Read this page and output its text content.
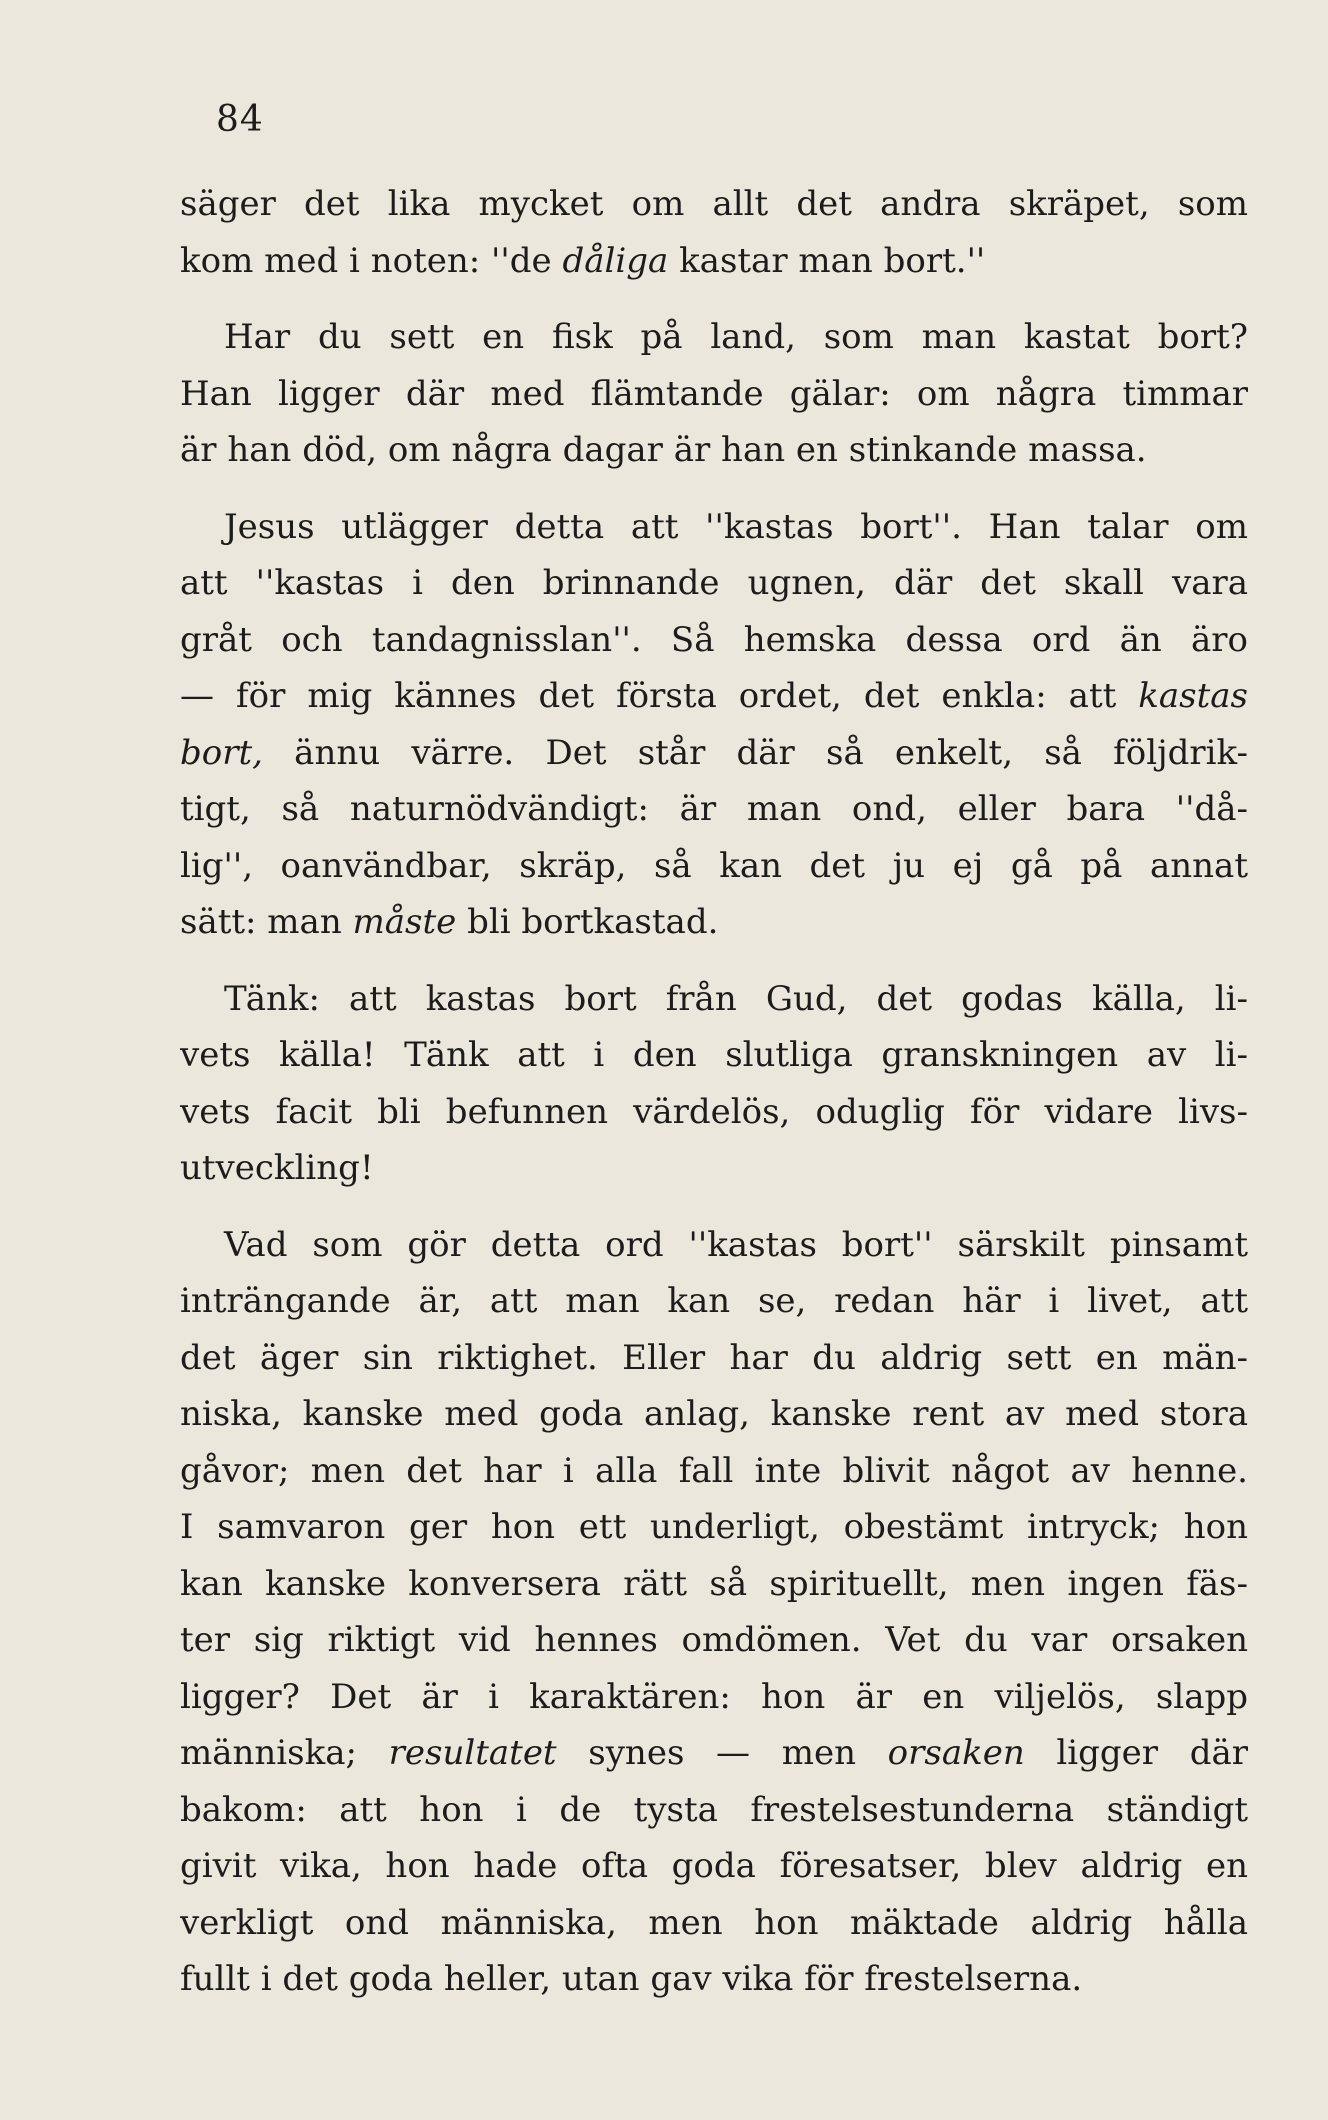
84
säger det lika mycket om allt det andra skräpet, som
kom med i noten: ''de dåliga kastar man bort.''
Har du sett en fisk på land, som man kastat bort?
Han ligger där med flämtande gälar: om några timmar
är han död, om några dagar är han en stinkande massa.
Jesus utlägger detta att ''kastas bort''. Han talar om
att ''kastas i den brinnande ugnen, där det skall vara
gråt och tandagnisslan''. Så hemska dessa ord än äro
— för mig kännes det första ordet, det enkla: att kastas
bort, ännu värre. Det står där så enkelt, så följdrik-
tigt, så naturnödvändigt: är man ond, eller bara ''då-
lig'', oanvändbar, skräp, så kan det ju ej gå på annat
sätt: man måste bli bortkastad.
Tänk: att kastas bort från Gud, det godas källa, li-
vets källa! Tänk att i den slutliga granskningen av li-
vets facit bli befunnen värdelös, oduglig för vidare livs-
utveckling!
Vad som gör detta ord ''kastas bort'' särskilt pinsamt
inträngande är, att man kan se, redan här i livet, att
det äger sin riktighet. Eller har du aldrig sett en män-
niska, kanske med goda anlag, kanske rent av med stora
gåvor; men det har i alla fall inte blivit något av henne.
I samvaron ger hon ett underligt, obestämt intryck; hon
kan kanske konversera rätt så spirituellt, men ingen fäs-
ter sig riktigt vid hennes omdömen. Vet du var orsaken
ligger? Det är i karaktären: hon är en viljelös, slapp
människa; resultatet synes — men orsaken ligger där
bakom: att hon i de tysta frestelsestunderna ständigt
givit vika, hon hade ofta goda föresatser, blev aldrig en
verkligt ond människa, men hon mäktade aldrig hålla
fullt i det goda heller, utan gav vika för frestelserna.
